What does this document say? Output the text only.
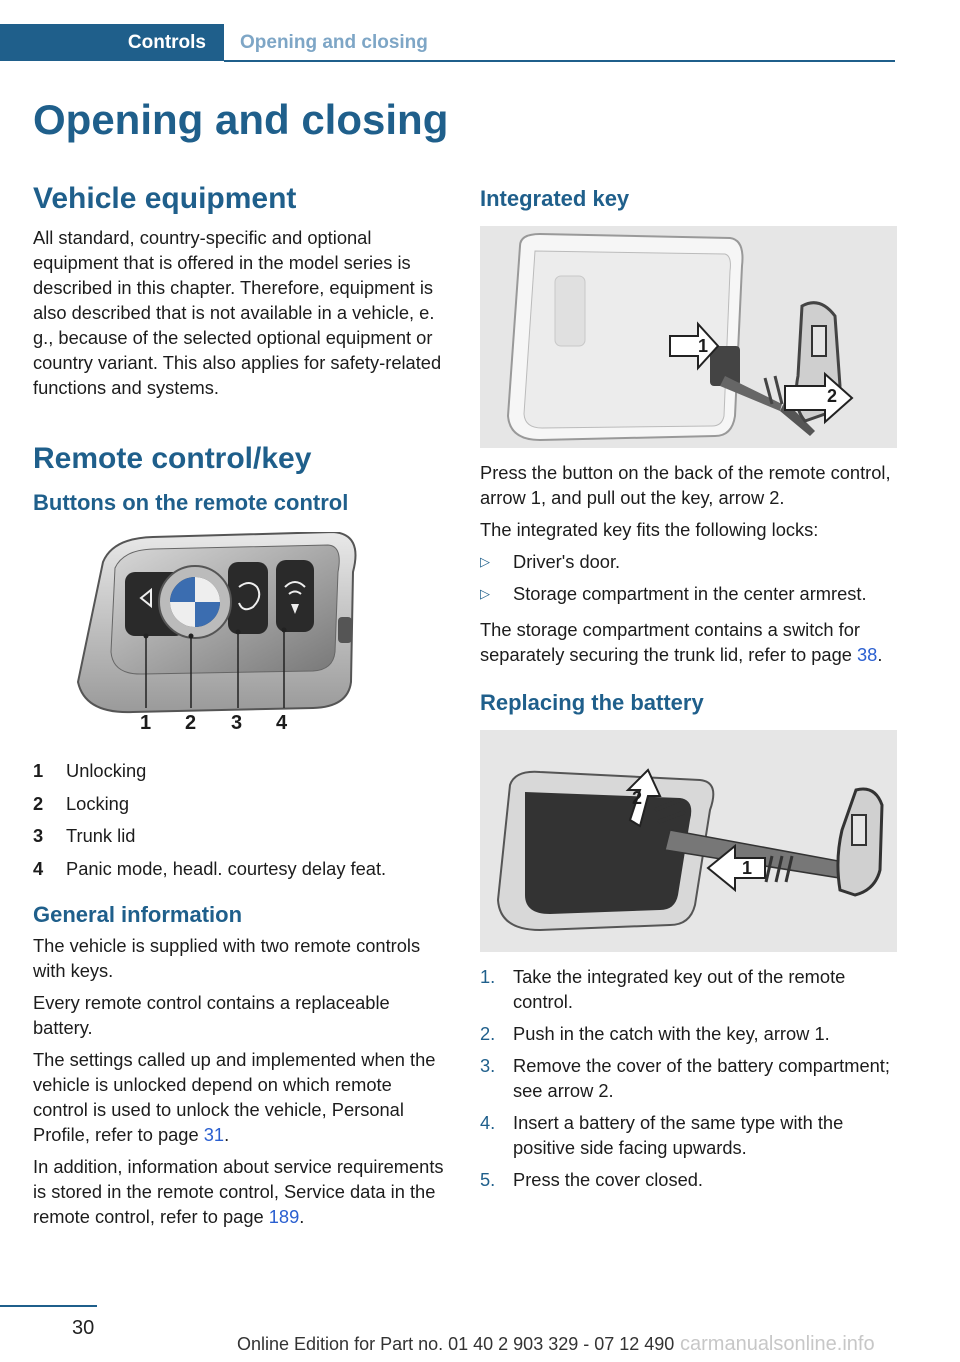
Controls	Opening and closing
Opening and closing
Vehicle equipment

All standard, country-specific and optional equipment that is offered in the model series is described in this chapter. Therefore, equipment is also described that is not available in a vehicle, e. g., because of the selected optional equipment or country variant. This also applies for safety-related functions and systems.

Remote control/key
Buttons on the remote control
1 2 3 4
1	Unlocking
2	Locking
3	Trunk lid
4	Panic mode, headl. courtesy delay feat.
General information

The vehicle is supplied with two remote controls with keys.

Every remote control contains a replaceable battery.

The settings called up and implemented when the vehicle is unlocked depend on which remote control is used to unlock the vehicle, Personal Profile, refer to page 31.

In addition, information about service requirements is stored in the remote control, Service data in the remote control, refer to page 189.

Integrated key
1
2

Press the button on the back of the remote control, arrow 1, and pull out the key, arrow 2.

The integrated key fits the following locks:

▷	Driver's door.
▷	Storage compartment in the center armrest.

The storage compartment contains a switch for separately securing the trunk lid, refer to page 38.

Replacing the battery
1
2
1. Take the integrated key out of the remote control.
2. Push in the catch with the key, arrow 1.
3. Remove the cover of the battery compartment; see arrow 2.
4. Insert a battery of the same type with the positive side facing upwards.
5. Press the cover closed.
30
Online Edition for Part no. 01 40 2 903 329 - 07 12 490 carmanualsonline.info
